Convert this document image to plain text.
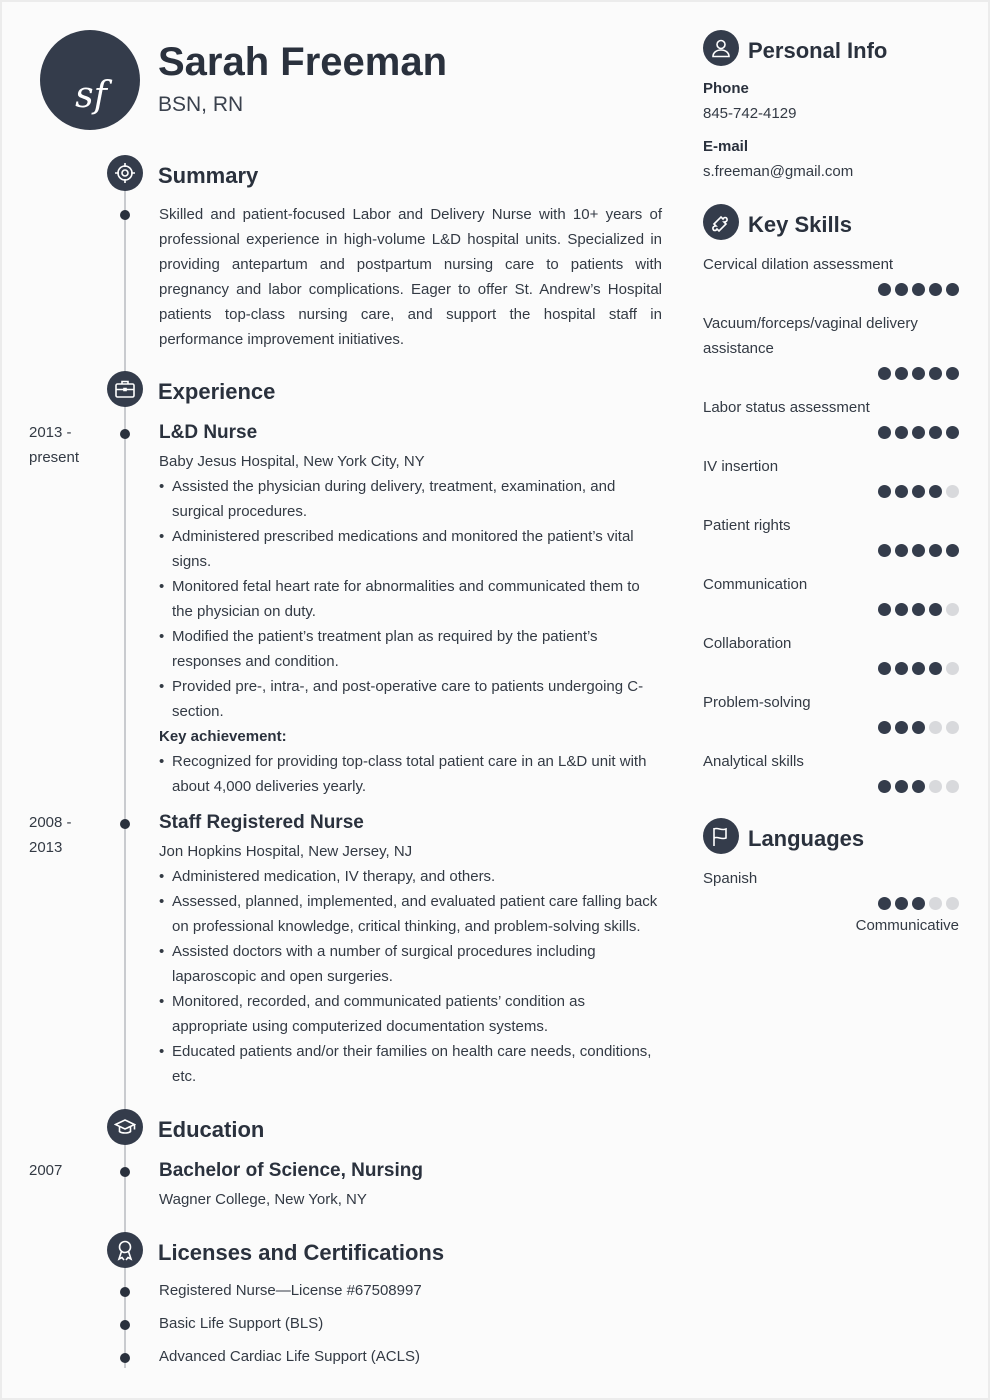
sf
Sarah Freeman
BSN, RN
Summary
Skilled and patient-focused Labor and Delivery Nurse with 10+ years of professional experience in high-volume L&D hospital units. Specialized in providing antepartum and postpartum nursing care to patients with pregnancy and labor complications. Eager to offer St. Andrew’s Hospital patients top-class nursing care, and support the hospital staff in performance improvement initiatives.
Experience
2013 -
present
L&D Nurse
Baby Jesus Hospital, New York City, NY
• Assisted the physician during delivery, treatment, examination, and surgical procedures.
• Administered prescribed medications and monitored the patient’s vital signs.
• Monitored fetal heart rate for abnormalities and communicated them to the physician on duty.
• Modified the patient’s treatment plan as required by the patient’s responses and condition.
• Provided pre-, intra-, and post-operative care to patients undergoing C-section.
Key achievement:
• Recognized for providing top-class total patient care in an L&D unit with about 4,000 deliveries yearly.
2008 -
2013
Staff Registered Nurse
Jon Hopkins Hospital, New Jersey, NJ
• Administered medication, IV therapy, and others.
• Assessed, planned, implemented, and evaluated patient care falling back on professional knowledge, critical thinking, and problem-solving skills.
• Assisted doctors with a number of surgical procedures including laparoscopic and open surgeries.
• Monitored, recorded, and communicated patients’ condition as appropriate using computerized documentation systems.
• Educated patients and/or their families on health care needs, conditions, etc.
Education
2007	Bachelor of Science, Nursing
Wagner College, New York, NY
Licenses and Certifications
Registered Nurse—License #67508997
Basic Life Support (BLS)
Advanced Cardiac Life Support (ACLS)
Personal Info
Phone
845-742-4129
E-mail
s.freeman@gmail.com
Key Skills
Cervical dilation assessment
Vacuum/forceps/vaginal delivery assistance
Labor status assessment
IV insertion
Patient rights
Communication
Collaboration
Problem-solving
Analytical skills
Languages
Spanish
Communicative
